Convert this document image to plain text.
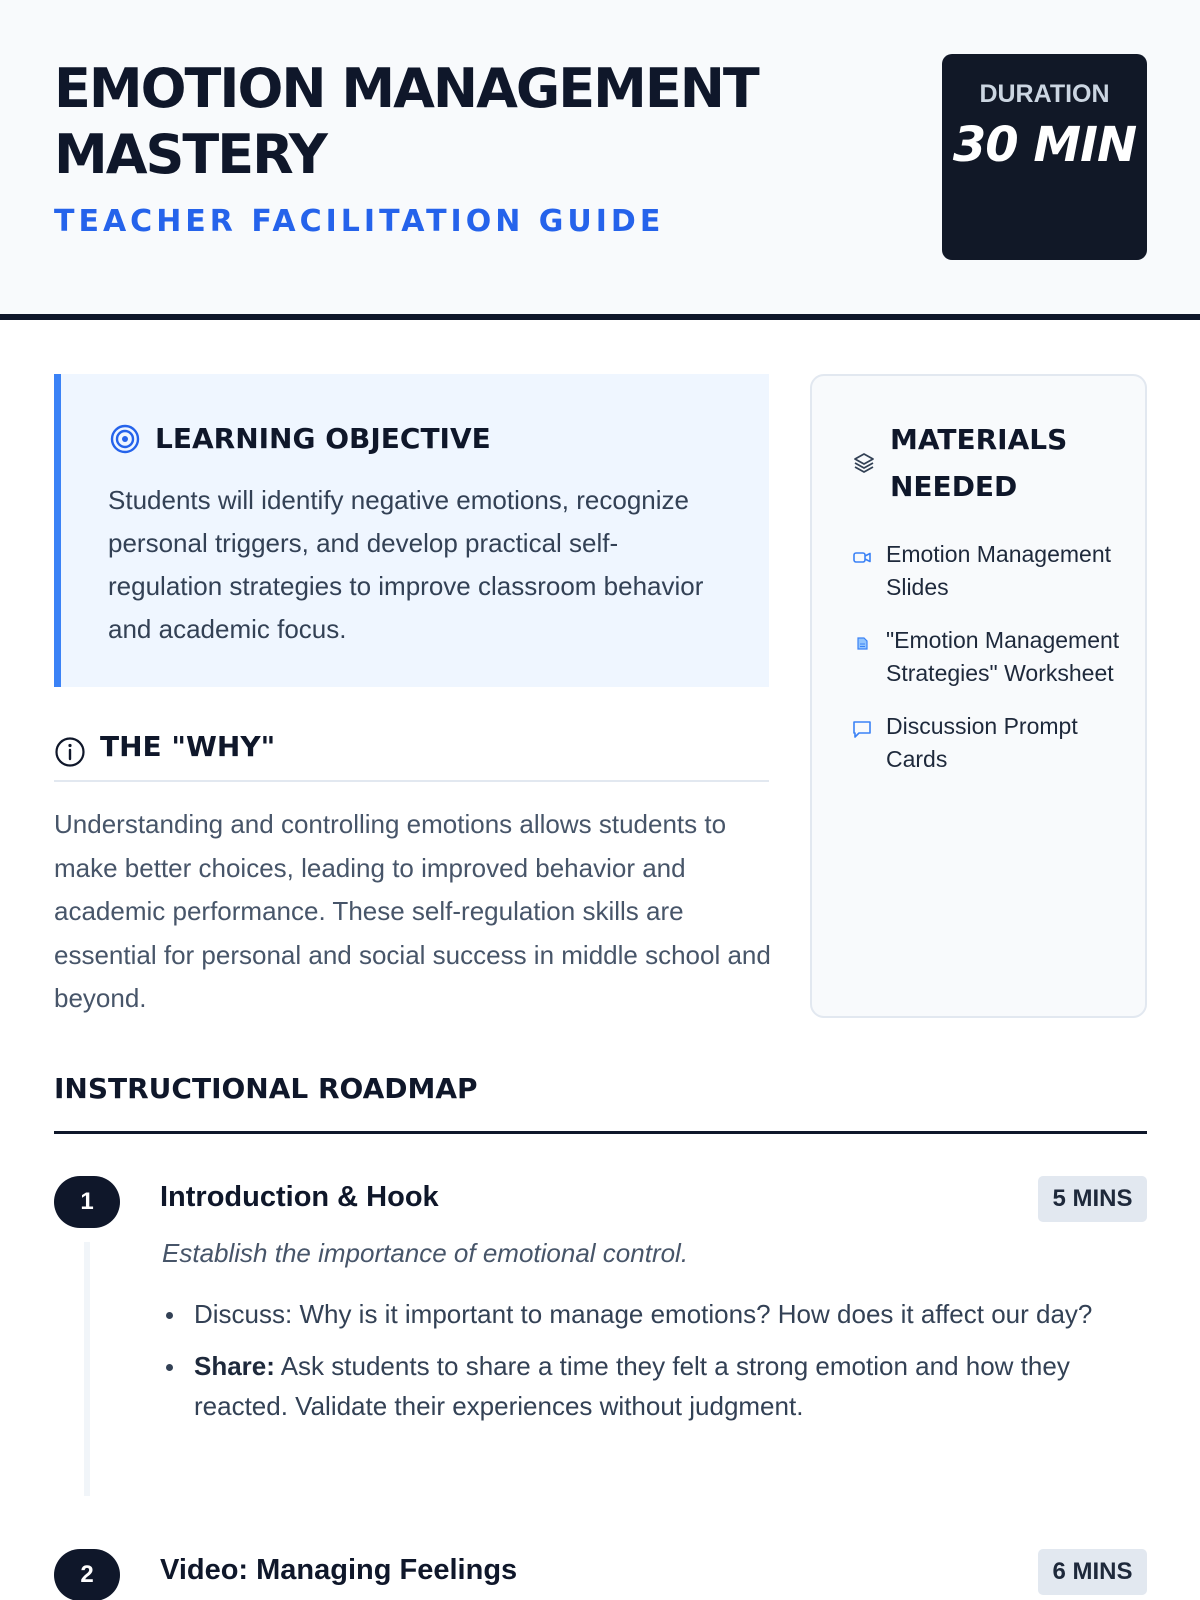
EMOTION MANAGEMENT MASTERY
TEACHER FACILITATION GUIDE
DURATION
30 MIN
LEARNING OBJECTIVE
Students will identify negative emotions, recognize personal triggers, and develop practical self-regulation strategies to improve classroom behavior and academic focus.
THE "WHY"
Understanding and controlling emotions allows students to make better choices, leading to improved behavior and academic performance. These self-regulation skills are essential for personal and social success in middle school and beyond.
MATERIALS NEEDED
Emotion Management Slides
"Emotion Management Strategies" Worksheet
Discussion Prompt Cards
INSTRUCTIONAL ROADMAP
1	Introduction & Hook	5 MINS
Establish the importance of emotional control.
Discuss: Why is it important to manage emotions? How does it affect our day?
Share: Ask students to share a time they felt a strong emotion and how they reacted. Validate their experiences without judgment.
2	Video: Managing Feelings	6 MINS
